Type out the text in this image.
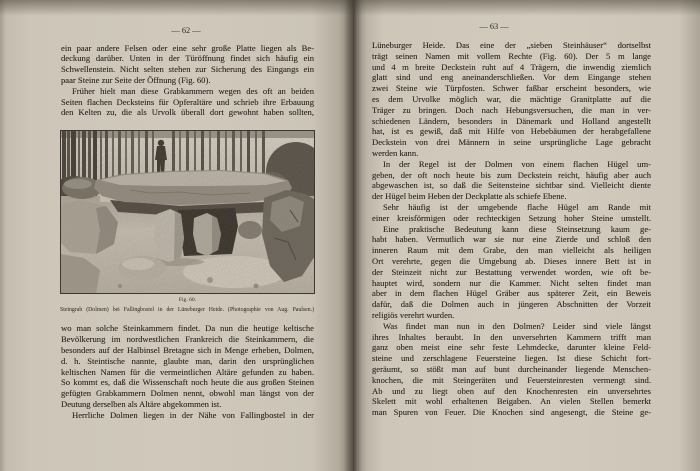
— 62 —
ein paar andere Felsen oder eine sehr große Platte liegen als Be-
deckung darüber. Unten in der Türöffnung findet sich häufig ein
Schwellenstein. Nicht selten stehen zur Sicherung des Eingangs ein
paar Steine zur Seite der Öffnung (Fig. 60).
Früher hielt man diese Grabkammern wegen des oft an beiden
Seiten flachen Decksteins für Opferaltäre und schrieb ihre Erbauung
den Kelten zu, die als Urvolk überall dort gewohnt haben sollten,
Fig. 60.
Steingrab (Dolmen) bei Fallingbostel in der Lüneburger Heide. (Photographie von Aug. Paulsen.)
wo man solche Steinkammern findet. Da nun die heutige keltische
Bevölkerung im nordwestlichen Frankreich die Steinkammern, die
besonders auf der Halbinsel Bretagne sich in Menge erheben, Dolmen,
d. h. Steintische nannte, glaubte man, darin den ursprünglichen
keltischen Namen für die vermeintlichen Altäre gefunden zu haben.
So kommt es, daß die Wissenschaft noch heute die aus großen Steinen
gefügten Grabkammern Dolmen nennt, obwohl man längst von der
Deutung derselben als Altäre abgekommen ist.
Herrliche Dolmen liegen in der Nähe von Fallingbostel in der
— 63 —
Lüneburger Heide. Das eine der „sieben Steinhäuser“ dortselbst
trägt seinen Namen mit vollem Rechte (Fig. 60). Der 5 m lange
und 4 m breite Deckstein ruht auf 4 Trägern, die inwendig ziemlich
glatt sind und eng aneinanderschließen. Vor dem Eingange stehen
zwei Steine wie Türpfosten. Schwer faßbar erscheint besonders, wie
es dem Urvolke möglich war, die mächtige Granitplatte auf die
Träger zu bringen. Doch nach Hebungsversuchen, die man in ver-
schiedenen Ländern, besonders in Dänemark und Holland angestellt
hat, ist es gewiß, daß mit Hilfe von Hebebäumen der herabgefallene
Deckstein von drei Männern in seine ursprüngliche Lage gebracht
werden kann.
In der Regel ist der Dolmen von einem flachen Hügel um-
geben, der oft noch heute bis zum Deckstein reicht, häufig aber auch
abgewaschen ist, so daß die Seitensteine sichtbar sind. Vielleicht diente
der Hügel beim Heben der Deckplatte als schiefe Ebene.
Sehr häufig ist der umgebende flache Hügel am Rande mit
einer kreisförmigen oder rechteckigen Setzung hoher Steine umstellt.
Eine praktische Bedeutung kann diese Steinsetzung kaum ge-
habt haben. Vermutlich war sie nur eine Zierde und schloß den
inneren Raum mit dem Grabe, den man vielleicht als heiligen
Ort verehrte, gegen die Umgebung ab. Dieses innere Bett ist in
der Steinzeit nicht zur Bestattung verwendet worden, wie oft be-
hauptet wird, sondern nur die Kammer. Nicht selten findet man
aber in dem flachen Hügel Gräber aus späterer Zeit, ein Beweis
dafür, daß die Dolmen auch in jüngeren Abschnitten der Vorzeit
religiös verehrt wurden.
Was findet man nun in den Dolmen? Leider sind viele längst
ihres Inhaltes beraubt. In den unversehrten Kammern trifft man
ganz oben meist eine sehr feste Lehmdecke, darunter kleine Feld-
steine und zerschlagene Feuersteine liegen. Ist diese Schicht fort-
geräumt, so stößt man auf bunt durcheinander liegende Menschen-
knochen, die mit Steingeräten und Feuersteinresten vermengt sind.
Ab und zu liegt oben auf den Knochenresten ein unversehrtes
Skelett mit wohl erhaltenen Beigaben. An vielen Stellen bemerkt
man Spuren von Feuer. Die Knochen sind angesengt, die Steine ge-
